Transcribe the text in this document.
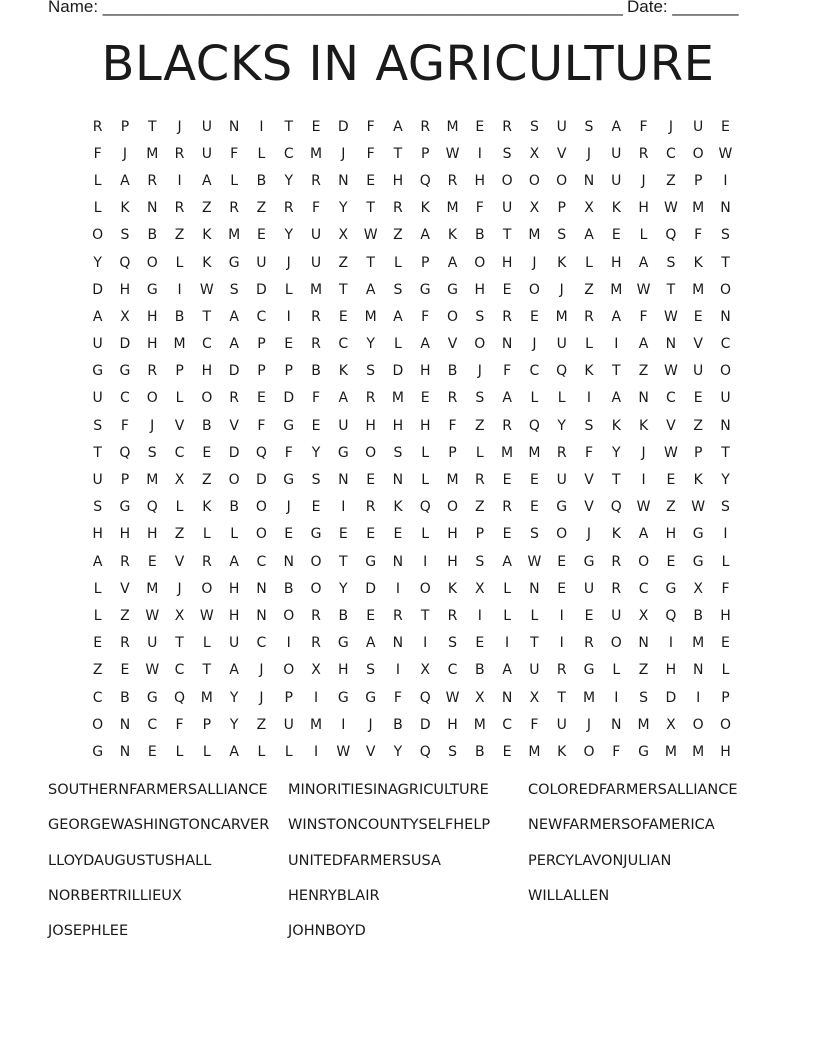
Name: _______________________________________________________ Date: _______
BLACKS IN AGRICULTURE
R	P	T	J	U	N	I	T	E	D	F	A	R	M	E	R	S	U	S	A	F	J	U	E
F	J	M	R	U	F	L	C	M	J	F	T	P	W	I	S	X	V	J	U	R	C	O	W
L	A	R	I	A	L	B	Y	R	N	E	H	Q	R	H	O	O	O	N	U	J	Z	P	I
L	K	N	R	Z	R	Z	R	F	Y	T	R	K	M	F	U	X	P	X	K	H	W	M	N
O	S	B	Z	K	M	E	Y	U	X	W	Z	A	K	B	T	M	S	A	E	L	Q	F	S
Y	Q	O	L	K	G	U	J	U	Z	T	L	P	A	O	H	J	K	L	H	A	S	K	T
D	H	G	I	W	S	D	L	M	T	A	S	G	G	H	E	O	J	Z	M	W	T	M	O
A	X	H	B	T	A	C	I	R	E	M	A	F	O	S	R	E	M	R	A	F	W	E	N
U	D	H	M	C	A	P	E	R	C	Y	L	A	V	O	N	J	U	L	I	A	N	V	C
G	G	R	P	H	D	P	P	B	K	S	D	H	B	J	F	C	Q	K	T	Z	W	U	O
U	C	O	L	O	R	E	D	F	A	R	M	E	R	S	A	L	L	I	A	N	C	E	U
S	F	J	V	B	V	F	G	E	U	H	H	H	F	Z	R	Q	Y	S	K	K	V	Z	N
T	Q	S	C	E	D	Q	F	Y	G	O	S	L	P	L	M	M	R	F	Y	J	W	P	T
U	P	M	X	Z	O	D	G	S	N	E	N	L	M	R	E	E	U	V	T	I	E	K	Y
S	G	Q	L	K	B	O	J	E	I	R	K	Q	O	Z	R	E	G	V	Q	W	Z	W	S
H	H	H	Z	L	L	O	E	G	E	E	E	L	H	P	E	S	O	J	K	A	H	G	I
A	R	E	V	R	A	C	N	O	T	G	N	I	H	S	A	W	E	G	R	O	E	G	L
L	V	M	J	O	H	N	B	O	Y	D	I	O	K	X	L	N	E	U	R	C	G	X	F
L	Z	W	X	W	H	N	O	R	B	E	R	T	R	I	L	L	I	E	U	X	Q	B	H
E	R	U	T	L	U	C	I	R	G	A	N	I	S	E	I	T	I	R	O	N	I	M	E
Z	E	W	C	T	A	J	O	X	H	S	I	X	C	B	A	U	R	G	L	Z	H	N	L
C	B	G	Q	M	Y	J	P	I	G	G	F	Q	W	X	N	X	T	M	I	S	D	I	P
O	N	C	F	P	Y	Z	U	M	I	J	B	D	H	M	C	F	U	J	N	M	X	O	O
G	N	E	L	L	A	L	L	I	W	V	Y	Q	S	B	E	M	K	O	F	G	M	M	H
SOUTHERNFARMERSALLIANCE	MINORITIESINAGRICULTURE	COLOREDFARMERSALLIANCE
GEORGEWASHINGTONCARVER	WINSTONCOUNTYSELFHELP	NEWFARMERSOFAMERICA
LLOYDAUGUSTUSHALL	UNITEDFARMERSUSA	PERCYLAVONJULIAN
NORBERTRILLIEUX	HENRYBLAIR	WILLALLEN
JOSEPHLEE	JOHNBOYD
